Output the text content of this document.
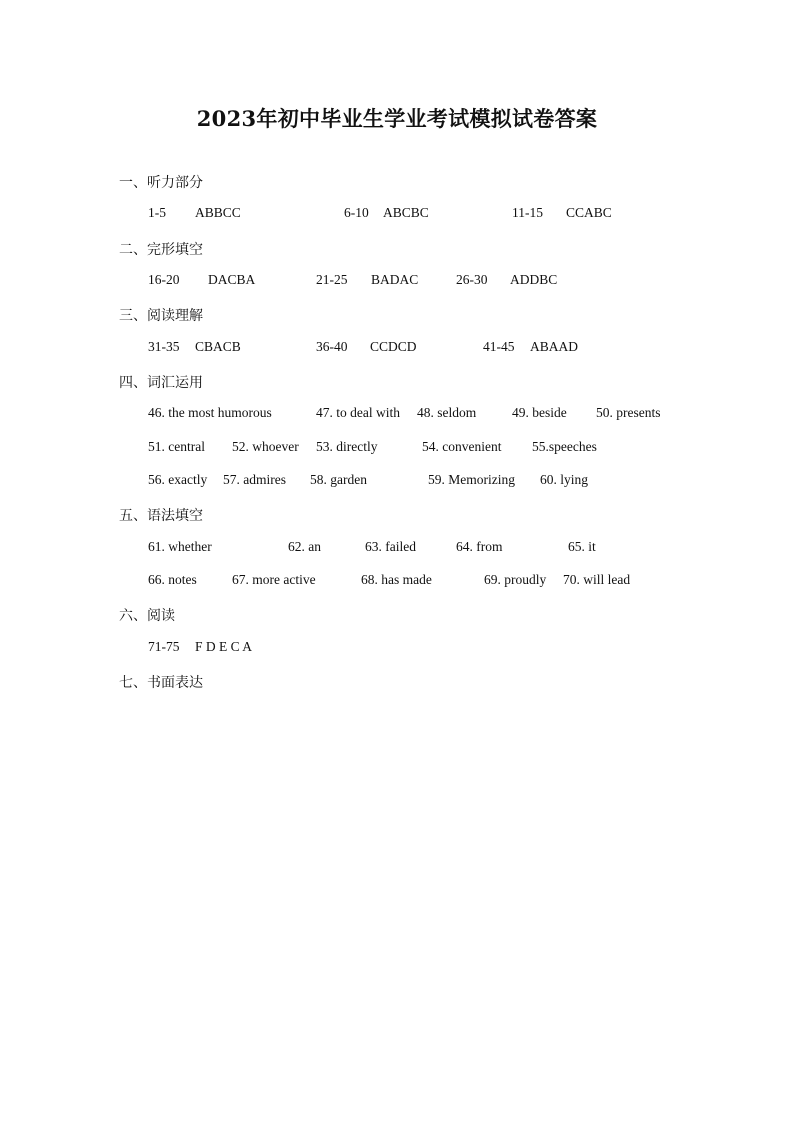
2023年初中毕业生学业考试模拟试卷答案
一、听力部分
1-5 ABBCC	6-10 ABCBC	11-15 CCABC
二、完形填空
16-20 DACBA	21-25 BADAC	26-30 ADDBC
三、阅读理解
31-35 CBACB	36-40 CCDCD	41-45 ABAAD
四、词汇运用
46. the most humorous	47. to deal with 48. seldom	49. beside 50. presents
51. central 52. whoever 53. directly	54. convenient 55.speeches
56. exactly 57. admires 58. garden	59. Memorizing 60. lying
五、语法填空
61. whether	62. an	63. failed	64. from	65. it
66. notes	67. more active	68. has made	69. proudly 70. will lead
六、阅读
71-75 F D E C A
七、书面表达
